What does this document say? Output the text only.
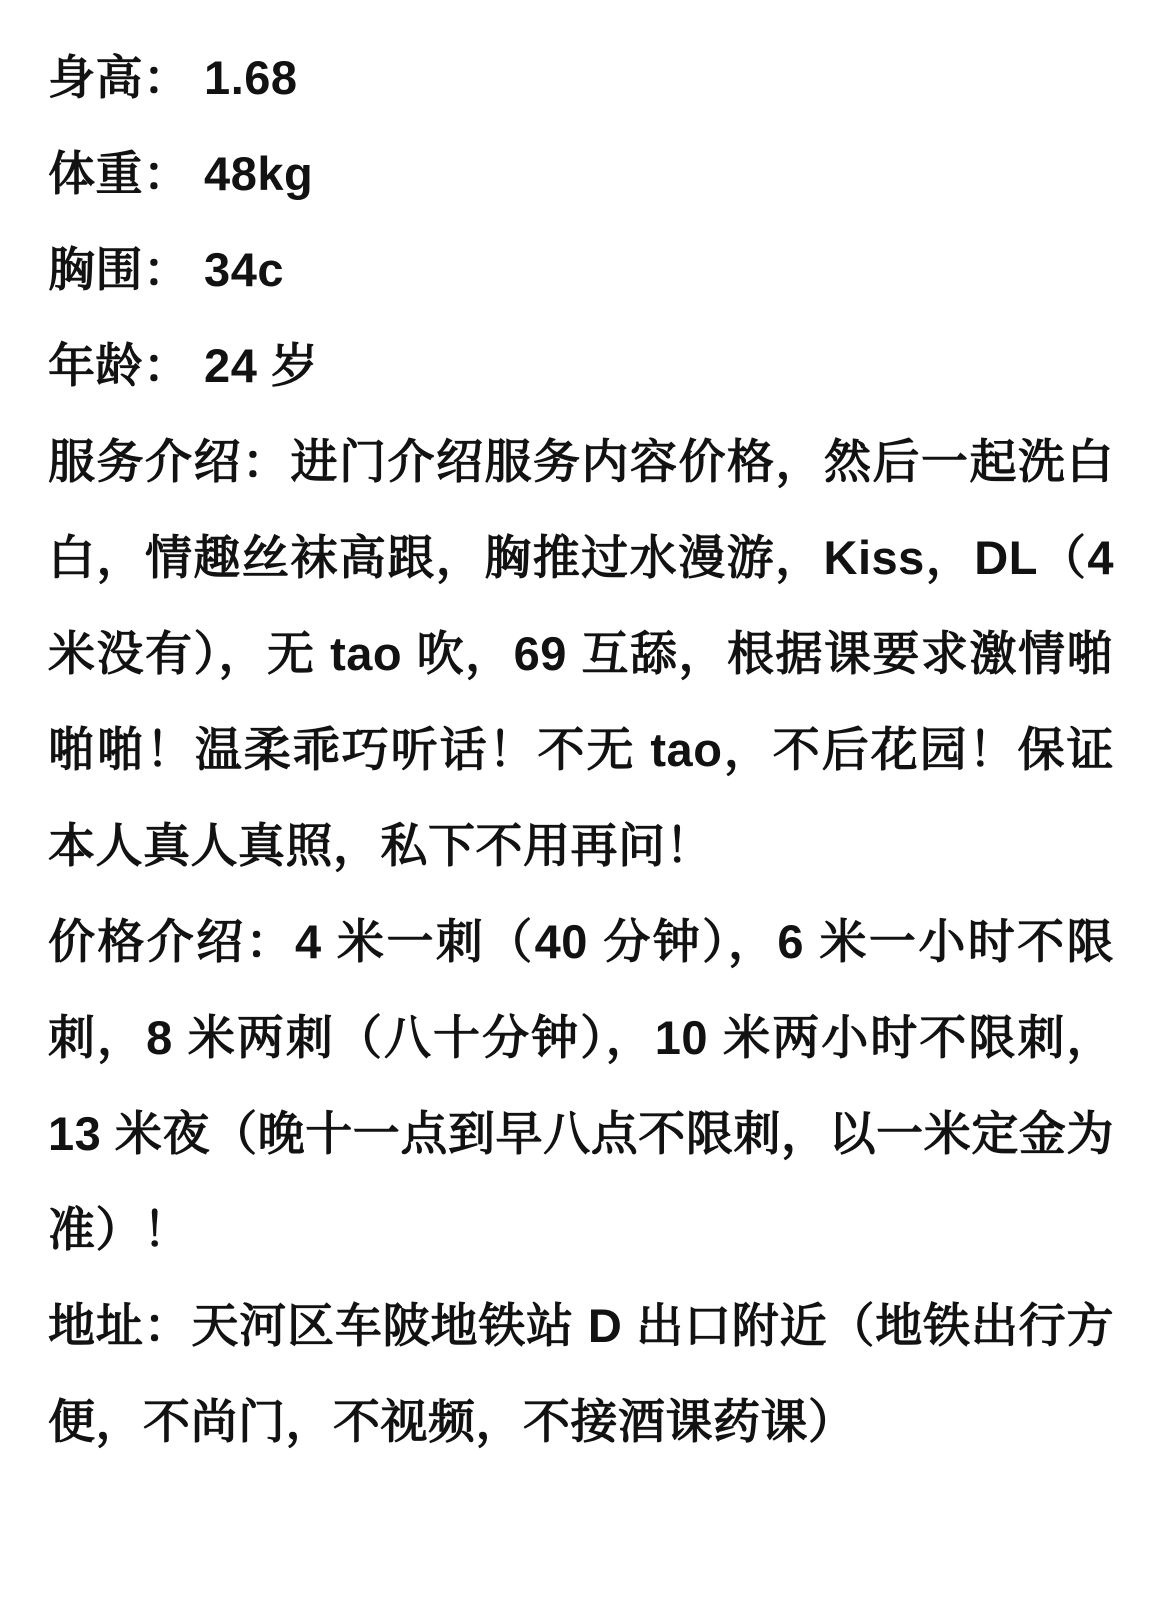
身高： 1.68
体重： 48kg
胸围： 34c
年龄： 24 岁
服务介绍：进门介绍服务内容价格，然后一起洗白白，情趣丝袜高跟，胸推过水漫游，Kiss，DL（4 米没有），无 tao 吹，69 互舔，根据课要求激情啪啪啪！温柔乖巧听话！不无 tao，不后花园！保证本人真人真照，私下不用再问！
价格介绍：4 米一刺（40 分钟），6 米一小时不限刺，8 米两刺（八十分钟），10 米两小时不限刺，13 米夜（晚十一点到早八点不限刺，以一米定金为准）！
地址：天河区车陂地铁站 D 出口附近（地铁出行方便，不尚门，不视频，不接酒课药课）
